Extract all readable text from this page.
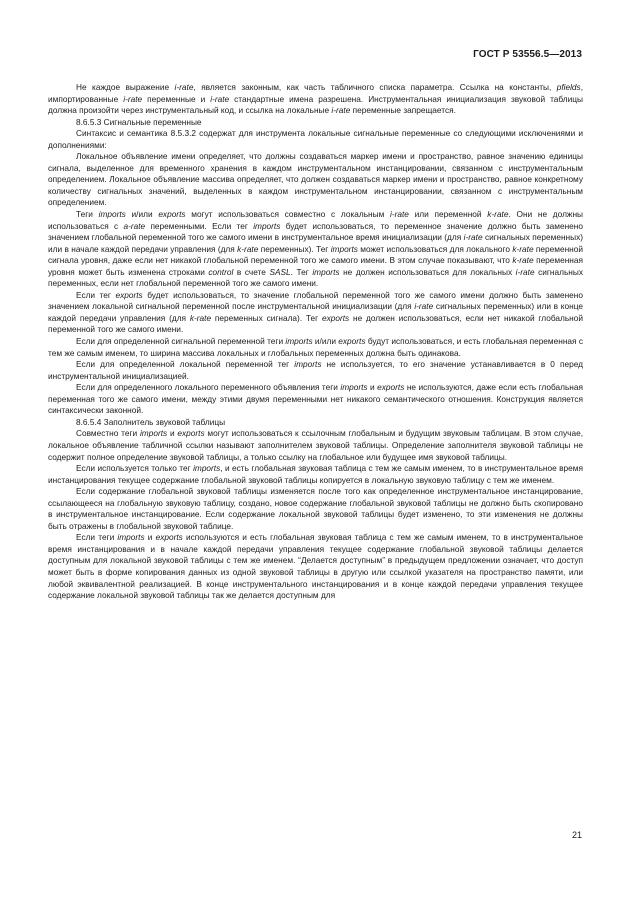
ГОСТ Р 53556.5—2013

Не каждое выражение i-rate, является законным, как часть табличного списка параметра. Ссылка на константы, pfields, импортированные i-rate переменные и i-rate стандартные имена разрешена. Инструментальная инициализация звуковой таблицы должна произойти через инструментальный код, и ссылка на локальные i-rate переменные запрещается.

8.6.5.3 Сигнальные переменные

Синтаксис и семантика 8.5.3.2 содержат для инструмента локальные сигнальные переменные со следующими исключениями и дополнениями:

Локальное объявление имени определяет, что должны создаваться маркер имени и пространство, равное значению единицы сигнала, выделенное для временного хранения в каждом инструментальном инстанцировании, связанном с инструментальным определением. Локальное объявление массива определяет, что должен создаваться маркер имени и пространство, равное конкретному количеству сигнальных значений, выделенных в каждом инструментальном инстанцировании, связанном с инструментальным определением.

Теги imports и/или exports могут использоваться совместно с локальным i-rate или переменной k-rate. Они не должны использоваться с a-rate переменными. Если тег imports будет использоваться, то переменное значение должно быть заменено значением глобальной переменной того же самого имени в инструментальное время инициализации (для i-rate сигнальных переменных) или в начале каждой передачи управления (для k-rate переменных). Тег imports может использоваться для локального k-rate переменной сигнала уровня, даже если нет никакой глобальной переменной того же самого имени. В этом случае показывают, что k-rate переменная уровня может быть изменена строками control в счете SASL. Тег imports не должен использоваться для локальных i-rate сигнальных переменных, если нет глобальной переменной того же самого имени.

Если тег exports будет использоваться, то значение глобальной переменной того же самого имени должно быть заменено значением локальной сигнальной переменной после инструментальной инициализации (для i-rate сигнальных переменных) или в конце каждой передачи управления (для k-rate переменных сигнала). Тег exports не должен использоваться, если нет никакой глобальной переменной того же самого имени.

Если для определенной сигнальной переменной теги imports и/или exports будут использоваться, и есть глобальная переменная с тем же самым именем, то ширина массива локальных и глобальных переменных должна быть одинакова.

Если для определенной локальной переменной тег imports не используется, то его значение устанавливается в 0 перед инструментальной инициализацией.

Если для определенного локального переменного объявления теги imports и exports не используются, даже если есть глобальная переменная того же самого имени, между этими двумя переменными нет никакого семантического отношения. Конструкция является синтаксически законной.

8.6.5.4 Заполнитель звуковой таблицы

Совместно теги imports и exports могут использоваться к ссылочным глобальным и будущим звуковым таблицам. В этом случае, локальное объявление табличной ссылки называют заполнителем звуковой таблицы. Определение заполнителя звуковой таблицы не содержит полное определение звуковой таблицы, а только ссылку на глобальное или будущее имя звуковой таблицы.

Если используется только тег imports, и есть глобальная звуковая таблица с тем же самым именем, то в инструментальное время инстанцирования текущее содержание глобальной звуковой таблицы копируется в локальную звуковую таблицу с тем же именем.

Если содержание глобальной звуковой таблицы изменяется после того как определенное инструментальное инстанцирование, ссылающееся на глобальную звуковую таблицу, создано, новое содержание глобальной звуковой таблицы не должно быть скопировано в инструментальное инстанцирование. Если содержание локальной звуковой таблицы будет изменено, то эти изменения не должны быть отражены в глобальной звуковой таблице.

Если теги imports и exports используются и есть глобальная звуковая таблица с тем же самым именем, то в инструментальное время инстанцирования и в начале каждой передачи управления текущее содержание глобальной звуковой таблицы делается доступным для локальной звуковой таблицы с тем же именем. “Делается доступным” в предыдущем предложении означает, что доступ может быть в форме копирования данных из одной звуковой таблицы в другую или ссылкой указателя на пространство памяти, или любой эквивалентной реализацией. В конце инструментального инстанцирования и в конце каждой передачи управления текущее содержание локальной звуковой таблицы так же делается доступным для

21
